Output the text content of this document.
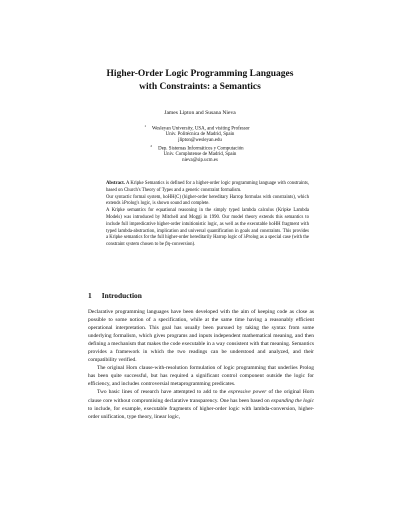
Higher-Order Logic Programming Languages
with Constraints: a Semantics
James Lipton and Susana Nieva
$^1$Wesleyan University, USA, and visiting Professor
Univ. Politécnica de Madrid, Spain
jlipton@wesleyan.edu
$^2$Dep. Sistemas Informáticos y Computación
Univ. Complutense de Madrid, Spain
nieva@sip.ucm.es

Abstract. A Kripke Semantics is defined for a higher-order logic programming language with constraints, based on Church's Theory of Types and a generic constraint formalism.

Our syntactic formal system, hoHH(C) (higher-order hereditary Harrop formulas with constraints), which extends λProlog's logic, is shown sound and complete.

A Kripke semantics for equational reasoning in the simply typed lambda calculus (Kripke Lambda Models) was introduced by Mitchell and Moggi in 1990. Our model theory extends this semantics to include full impredicative higher-order intuitionistic logic, as well as the executable hoHH fragment with typed lambda-abstraction, implication and universal quantification in goals and constraints. This provides a Kripke semantics for the full higher-order hereditarily Harrop logic of λProlog as a special case (with the constraint system chosen to be βη-conversion).

1 Introduction

Declarative programming languages have been developed with the aim of keeping code as close as possible to some notion of a specification, while at the same time having a reasonably efficient operational interpretation. This goal has usually been pursued by taking the syntax from some underlying formalism, which gives programs and inputs independent mathematical meaning, and then defining a mechanism that makes the code executable in a way consistent with that meaning. Semantics provides a framework in which the two readings can be understood and analyzed, and their compatibility verified.

The original Horn clause-with-resolution formulation of logic programming that underlies Prolog has been quite successful, but has required a significant control component outside the logic for efficiency, and includes controversial metaprogramming predicates.

Two basic lines of research have attempted to add to the expressive power of the original Horn clause core without compromising declarative transparency. One has been based on expanding the logic to include, for example, executable fragments of higher-order logic with lambda-conversion, higher-order unification, type theory, linear logic,
